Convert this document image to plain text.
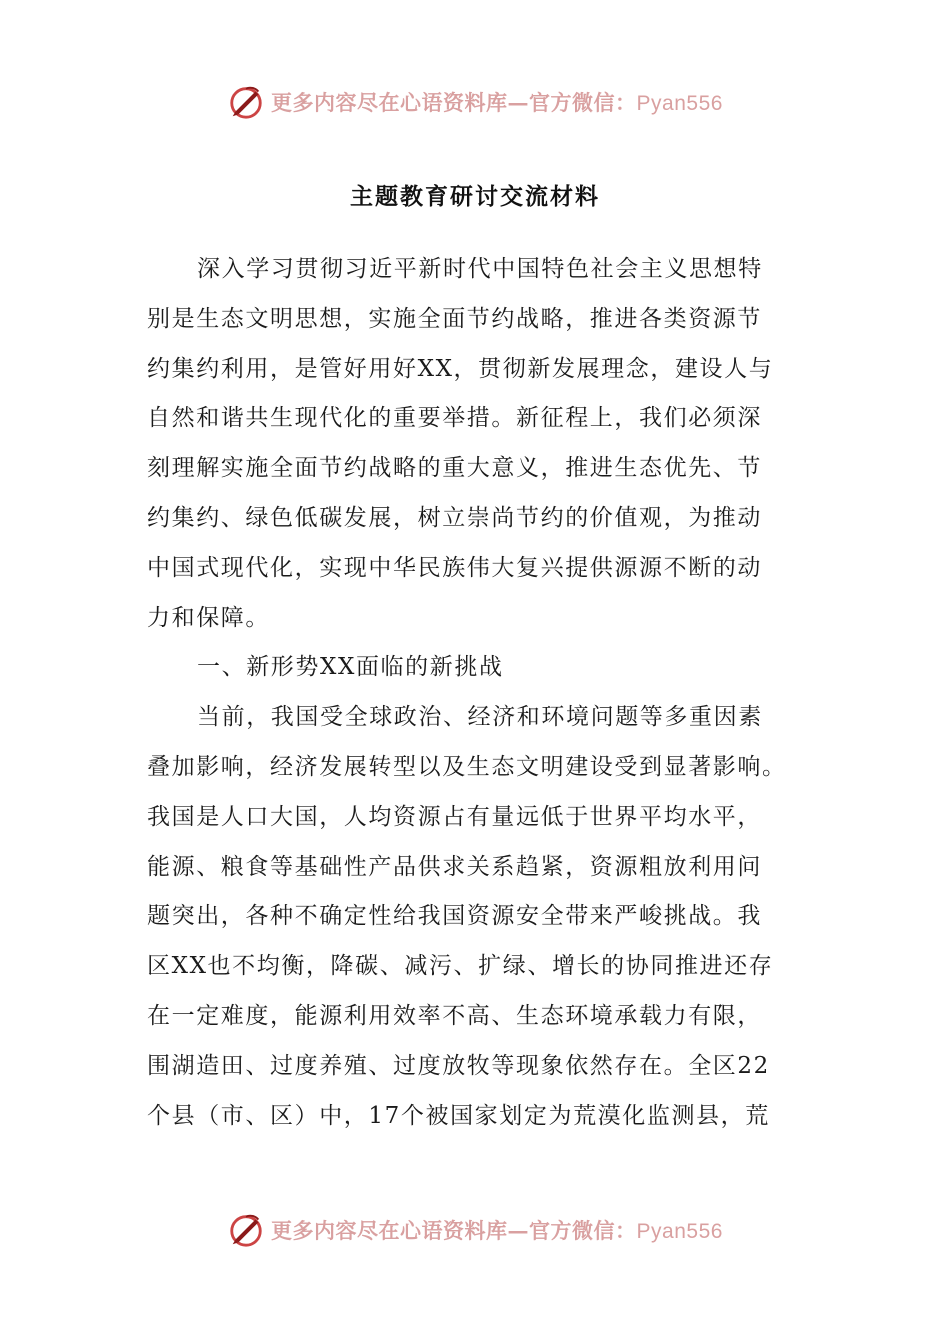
更多内容尽在心语资料库—官方微信：Pyan556
主题教育研讨交流材料
深入学习贯彻习近平新时代中国特色社会主义思想特
别是生态文明思想，实施全面节约战略，推进各类资源节
约集约利用，是管好用好XX，贯彻新发展理念，建设人与
自然和谐共生现代化的重要举措。新征程上，我们必须深
刻理解实施全面节约战略的重大意义，推进生态优先、节
约集约、绿色低碳发展，树立崇尚节约的价值观，为推动
中国式现代化，实现中华民族伟大复兴提供源源不断的动
力和保障。
一、新形势XX面临的新挑战
当前，我国受全球政治、经济和环境问题等多重因素
叠加影响，经济发展转型以及生态文明建设受到显著影响。
我国是人口大国，人均资源占有量远低于世界平均水平，
能源、粮食等基础性产品供求关系趋紧，资源粗放利用问
题突出，各种不确定性给我国资源安全带来严峻挑战。我
区XX也不均衡，降碳、减污、扩绿、增长的协同推进还存
在一定难度，能源利用效率不高、生态环境承载力有限，
围湖造田、过度养殖、过度放牧等现象依然存在。全区22
个县（市、区）中，17个被国家划定为荒漠化监测县，荒
更多内容尽在心语资料库—官方微信：Pyan556
